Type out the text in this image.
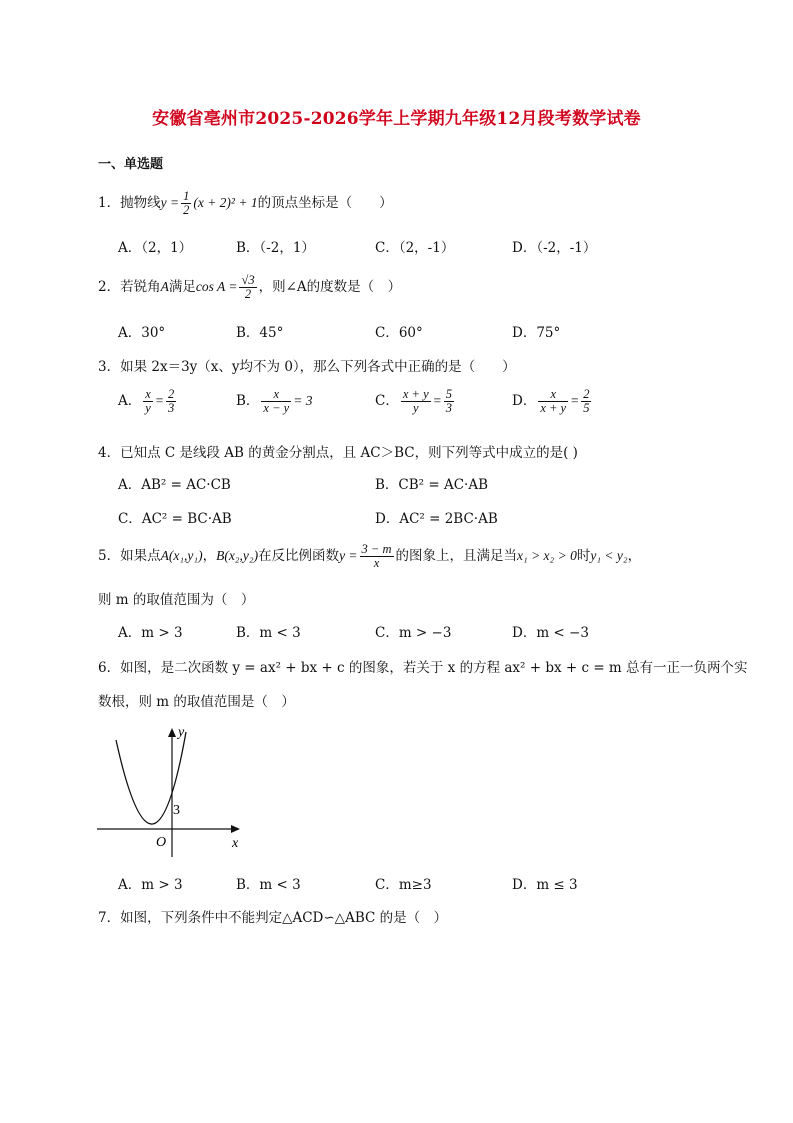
安徽省亳州市2025-2026学年上学期九年级12月段考数学试卷
一、单选题
1．抛物线$y = \frac{1}{2} (x + 2)^2 + 1$的顶点坐标是（　　）
A．（2，1）	B．（-2，1）	C．（2，-1）	D．（-2，-1）
2．若锐角A满足$\cos A = \frac{√3}{2}$ ，则∠A的度数是（　）
A．30°	B．45°	C．60°	D．75°
3．如果 2x＝3y（x、y均不为 0），那么下列各式中正确的是（　　）
A． $\frac{x}{y} = \frac{2}{3}$	B． $\frac{x}{x - y} = 3$	C． $\frac{x + y}{y} = \frac{5}{3}$	D． $\frac{x}{x + y} = \frac{2}{5}$
4．已知点 C 是线段 AB 的黄金分割点，且 AC＞BC，则下列等式中成立的是( )
A．AB² = AC·CB	B．CB² = AC·AB
C．AC² = BC·AB	D．AC² = 2BC·AB
5．如果点A(x₁,y₁)，B(x₂,y₂)在反比例函数$y = \frac{3 - m}{x}$ 的图象上，且满足当x₁ > x₂ > 0时y₁ < y₂，
则 m 的取值范围为（　）
A．m > 3	B．m < 3	C．m > −3	D．m < −3
6．如图，是二次函数 y = ax² + bx + c 的图象，若关于 x 的方程 ax² + bx + c = m 总有一正一负两个实
数根，则 m 的取值范围是（　）
y
x
O
3
A．m > 3	B．m < 3	C．m≥3	D．m ≤ 3
7．如图，下列条件中不能判定△ACD∽△ABC 的是（　）
